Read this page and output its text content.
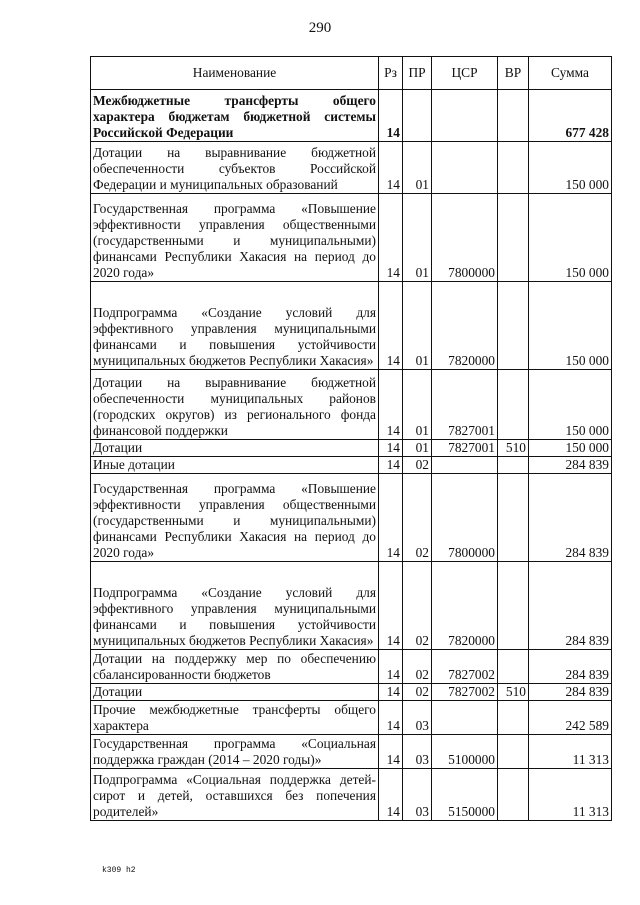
290
Наименование	Рз	ПР	ЦСР	ВР	Сумма
Межбюджетные трансферты общего характера бюджетам бюджетной системы Российской Федерации	14				677 428
Дотации на выравнивание бюджетной обеспеченности субъектов Российской Федерации и муниципальных образований	14	01			150 000
Государственная программа «Повышение эффективности управления общественными (государственными и муниципальными) финансами Республики Хакасия на период до 2020 года»	14	01	7800000		150 000
Подпрограмма «Создание условий для эффективного управления муниципальными финансами и повышения устойчивости муниципальных бюджетов Республики Хакасия»	14	01	7820000		150 000
Дотации на выравнивание бюджетной обеспеченности муниципальных районов (городских округов) из регионального фонда финансовой поддержки	14	01	7827001		150 000
Дотации	14	01	7827001	510	150 000
Иные дотации	14	02			284 839
Государственная программа «Повышение эффективности управления общественными (государственными и муниципальными) финансами Республики Хакасия на период до 2020 года»	14	02	7800000		284 839
Подпрограмма «Создание условий для эффективного управления муниципальными финансами и повышения устойчивости муниципальных бюджетов Республики Хакасия»	14	02	7820000		284 839
Дотации на поддержку мер по обеспечению сбалансированности бюджетов	14	02	7827002		284 839
Дотации	14	02	7827002	510	284 839
Прочие межбюджетные трансферты общего характера	14	03			242 589
Государственная программа «Социальная поддержка граждан (2014 – 2020 годы)»	14	03	5100000		11 313
Подпрограмма «Социальная поддержка детей-сирот и детей, оставшихся без попечения родителей»	14	03	5150000		11 313
k309 h2
